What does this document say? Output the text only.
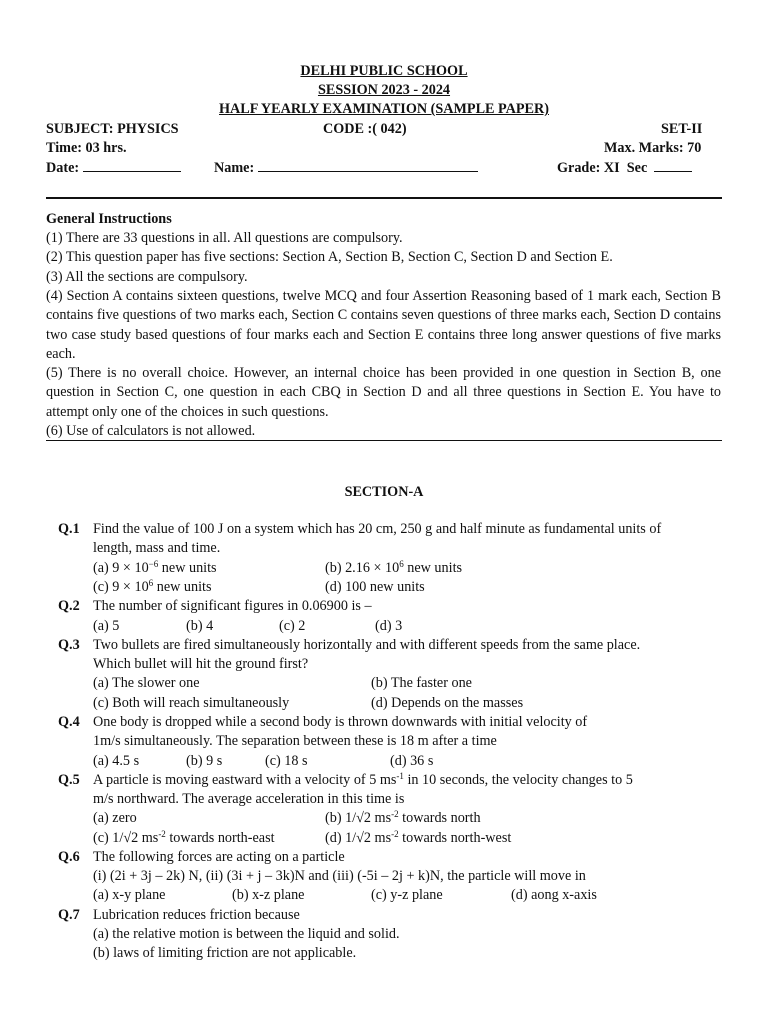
DELHI PUBLIC SCHOOL
SESSION 2023 - 2024
HALF YEARLY EXAMINATION (SAMPLE PAPER)
SUBJECT: PHYSICS	CODE :( 042)	SET-II
Time: 03 hrs.	Max. Marks: 70
Date:	Name:	Grade: XI Sec
General Instructions
(1) There are 33 questions in all. All questions are compulsory.
(2) This question paper has five sections: Section A, Section B, Section C, Section D and Section E.
(3) All the sections are compulsory.
(4) Section A contains sixteen questions, twelve MCQ and four Assertion Reasoning based of 1 mark each, Section B contains five questions of two marks each, Section C contains seven questions of three marks each, Section D contains two case study based questions of four marks each and Section E contains three long answer questions of five marks each.
(5) There is no overall choice. However, an internal choice has been provided in one question in Section B, one question in Section C, one question in each CBQ in Section D and all three questions in Section E. You have to attempt only one of the choices in such questions.
(6) Use of calculators is not allowed.
SECTION-A
Q.1 Find the value of 100 J on a system which has 20 cm, 250 g and half minute as fundamental units of
length, mass and time.
(a) $9 \times 10^{-6}$ new units	(b) $2.16 \times 10^6$ new units
(c) $9 \times 10^6$ new units	(d) 100 new units
Q.2 The number of significant figures in 0.06900 is –
(a) 5	(b) 4	(c) 2	(d) 3
Q.3 Two bullets are fired simultaneously horizontally and with different speeds from the same place.
Which bullet will hit the ground first?
(a) The slower one	(b) The faster one
(c) Both will reach simultaneously	(d) Depends on the masses
Q.4 One body is dropped while a second body is thrown downwards with initial velocity of
1m/s simultaneously. The separation between these is 18 m after a time
(a) 4.5 s	(b) 9 s	(c) 18 s	(d) 36 s
Q.5 A particle is moving eastward with a velocity of 5 $ms^{-1}$ in 10 seconds, the velocity changes to 5
m/s northward. The average acceleration in this time is
(a) zero	(b) 1/√2 $ms^{-2}$ towards north
(c) 1/√2 $ms^{-2}$ towards north-east	(d) 1/√2 $ms^{-2}$ towards north-west
Q.6 The following forces are acting on a particle
(i) (2i + 3j – 2k) N, (ii) (3i + j – 3k)N and (iii) (-5i – 2j + k)N, the particle will move in
(a) x-y plane	(b) x-z plane	(c) y-z plane	(d) aong x-axis
Q.7 Lubrication reduces friction because
(a) the relative motion is between the liquid and solid.
(b) laws of limiting friction are not applicable.
